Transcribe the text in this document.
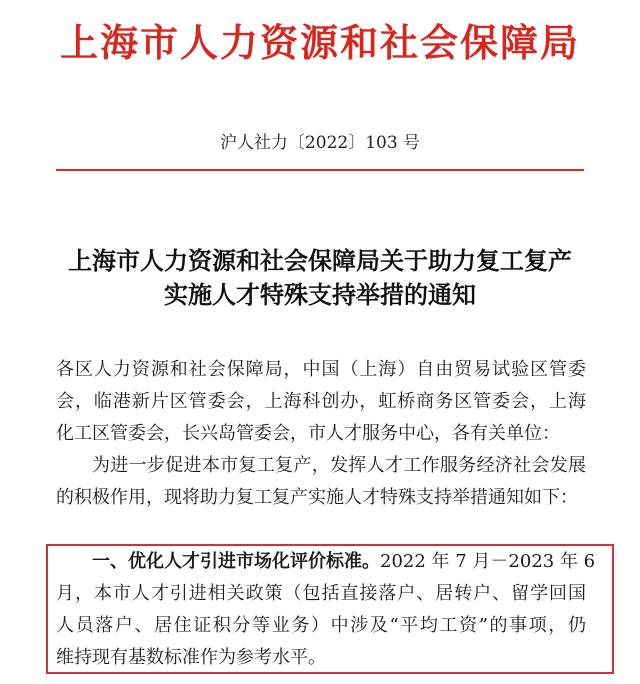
上海市人力资源和社会保障局
沪人社力〔2022〕103 号
上海市人力资源和社会保障局关于助力复工复产
实施人才特殊支持举措的通知
各区人力资源和社会保障局，中国（上海）自由贸易试验区管委
会，临港新片区管委会，上海科创办，虹桥商务区管委会，上海
化工区管委会，长兴岛管委会，市人才服务中心，各有关单位：
为进一步促进本市复工复产，发挥人才工作服务经济社会发展
的积极作用，现将助力复工复产实施人才特殊支持举措通知如下：
一、优化人才引进市场化评价标准。2022 年 7 月－2023 年 6
月，本市人才引进相关政策（包括直接落户、居转户、留学回国
人员落户、居住证积分等业务）中涉及“平均工资”的事项，仍
维持现有基数标准作为参考水平。
